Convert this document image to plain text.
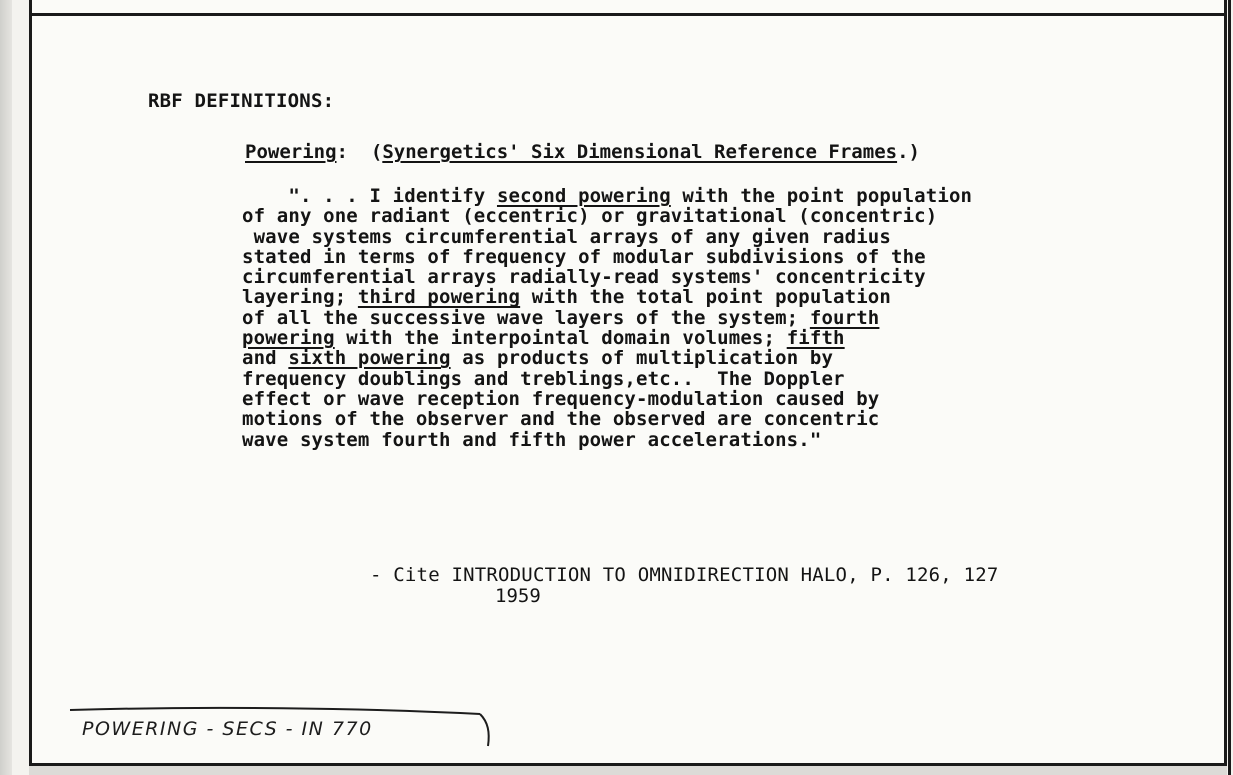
RBF DEFINITIONS:
Powering: (Synergetics' Six Dimensional Reference Frames.)
". . . I identify second powering with the point population
of any one radiant (eccentric) or gravitational (concentric)
wave systems circumferential arrays of any given radius
stated in terms of frequency of modular subdivisions of the
circumferential arrays radially-read systems' concentricity
layering; third powering with the total point population
of all the successive wave layers of the system; fourth
powering with the interpointal domain volumes; fifth
and sixth powering as products of multiplication by
frequency doublings and treblings,etc..  The Doppler
effect or wave reception frequency-modulation caused by
motions of the observer and the observed are concentric
wave system fourth and fifth power accelerations."
- Cite INTRODUCTION TO OMNIDIRECTION HALO, P. 126, 127
1959
POWERING - SECS - IN 770
